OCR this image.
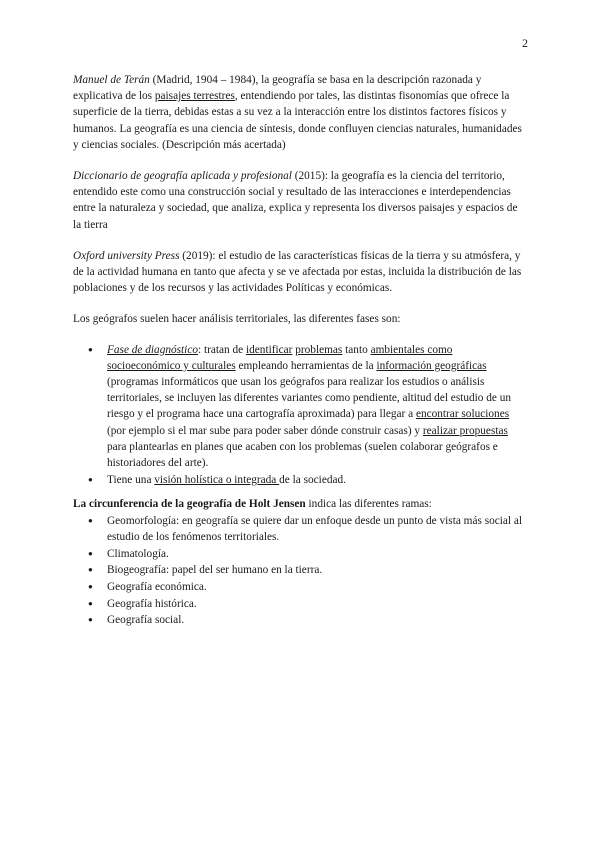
2

Manuel de Terán (Madrid, 1904 – 1984), la geografía se basa en la descripción razonada y explicativa de los paisajes terrestres, entendiendo por tales, las distintas fisonomías que ofrece la superficie de la tierra, debidas estas a su vez a la interacción entre los distintos factores físicos y humanos. La geografía es una ciencia de síntesis, donde confluyen ciencias naturales, humanidades y ciencias sociales. (Descripción más acertada)

Diccionario de geografía aplicada y profesional (2015): la geografía es la ciencia del territorio, entendido este como una construcción social y resultado de las interacciones e interdependencias entre la naturaleza y sociedad, que analiza, explica y representa los diversos paisajes y espacios de la tierra

Oxford university Press (2019): el estudio de las características físicas de la tierra y su atmósfera, y de la actividad humana en tanto que afecta y se ve afectada por estas, incluida la distribución de las poblaciones y de los recursos y las actividades Políticas y económicas.

Los geógrafos suelen hacer análisis territoriales, las diferentes fases son:

● Fase de diagnóstico: tratan de identificar problemas tanto ambientales como socioeconómico y culturales empleando herramientas de la información geográficas (programas informáticos que usan los geógrafos para realizar los estudios o análisis territoriales, se incluyen las diferentes variantes como pendiente, altitud del estudio de un riesgo y el programa hace una cartografía aproximada) para llegar a encontrar soluciones (por ejemplo si el mar sube para poder saber dónde construir casas) y realizar propuestas para plantearlas en planes que acaben con los problemas (suelen colaborar geógrafos e historiadores del arte).
● Tiene una visión holística o integrada de la sociedad.

La circunferencia de la geografía de Holt Jensen indica las diferentes ramas:

● Geomorfología: en geografía se quiere dar un enfoque desde un punto de vista más social al estudio de los fenómenos territoriales.
● Climatología.
● Biogeografía: papel del ser humano en la tierra.
● Geografía económica.
● Geografía histórica.
● Geografía social.
